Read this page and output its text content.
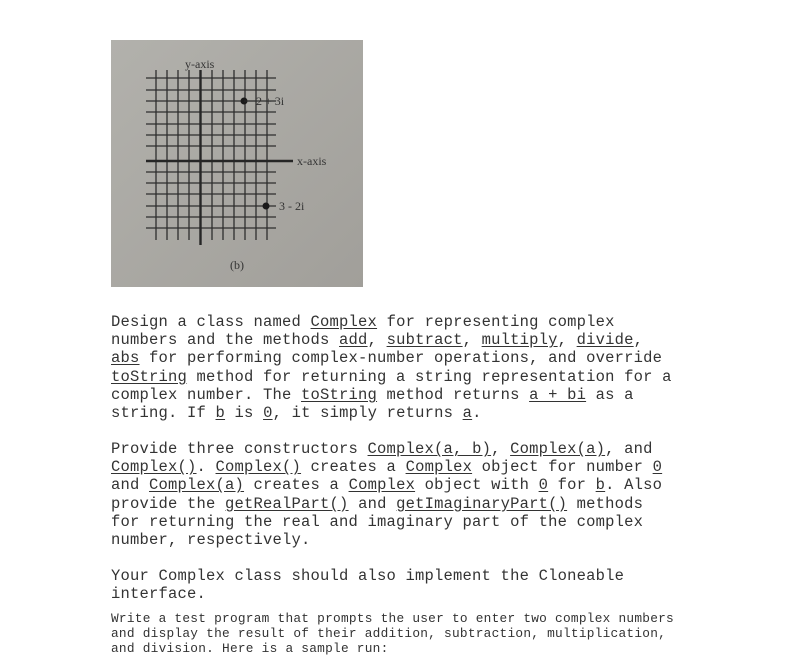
y-axis
2 + 3i
x-axis
3 - 2i
(b)
Design a class named Complex for representing complex
numbers and the methods add, subtract, multiply, divide,
abs for performing complex-number operations, and override
toString method for returning a string representation for a
complex number. The toString method returns a + bi as a
string. If b is 0, it simply returns a.
Provide three constructors Complex(a, b), Complex(a), and
Complex(). Complex() creates a Complex object for number 0
and Complex(a) creates a Complex object with 0 for b. Also
provide the getRealPart() and getImaginaryPart() methods
for returning the real and imaginary part of the complex
number, respectively.
Your Complex class should also implement the Cloneable
interface.
Write a test program that prompts the user to enter two complex numbers
and display the result of their addition, subtraction, multiplication,
and division. Here is a sample run:
